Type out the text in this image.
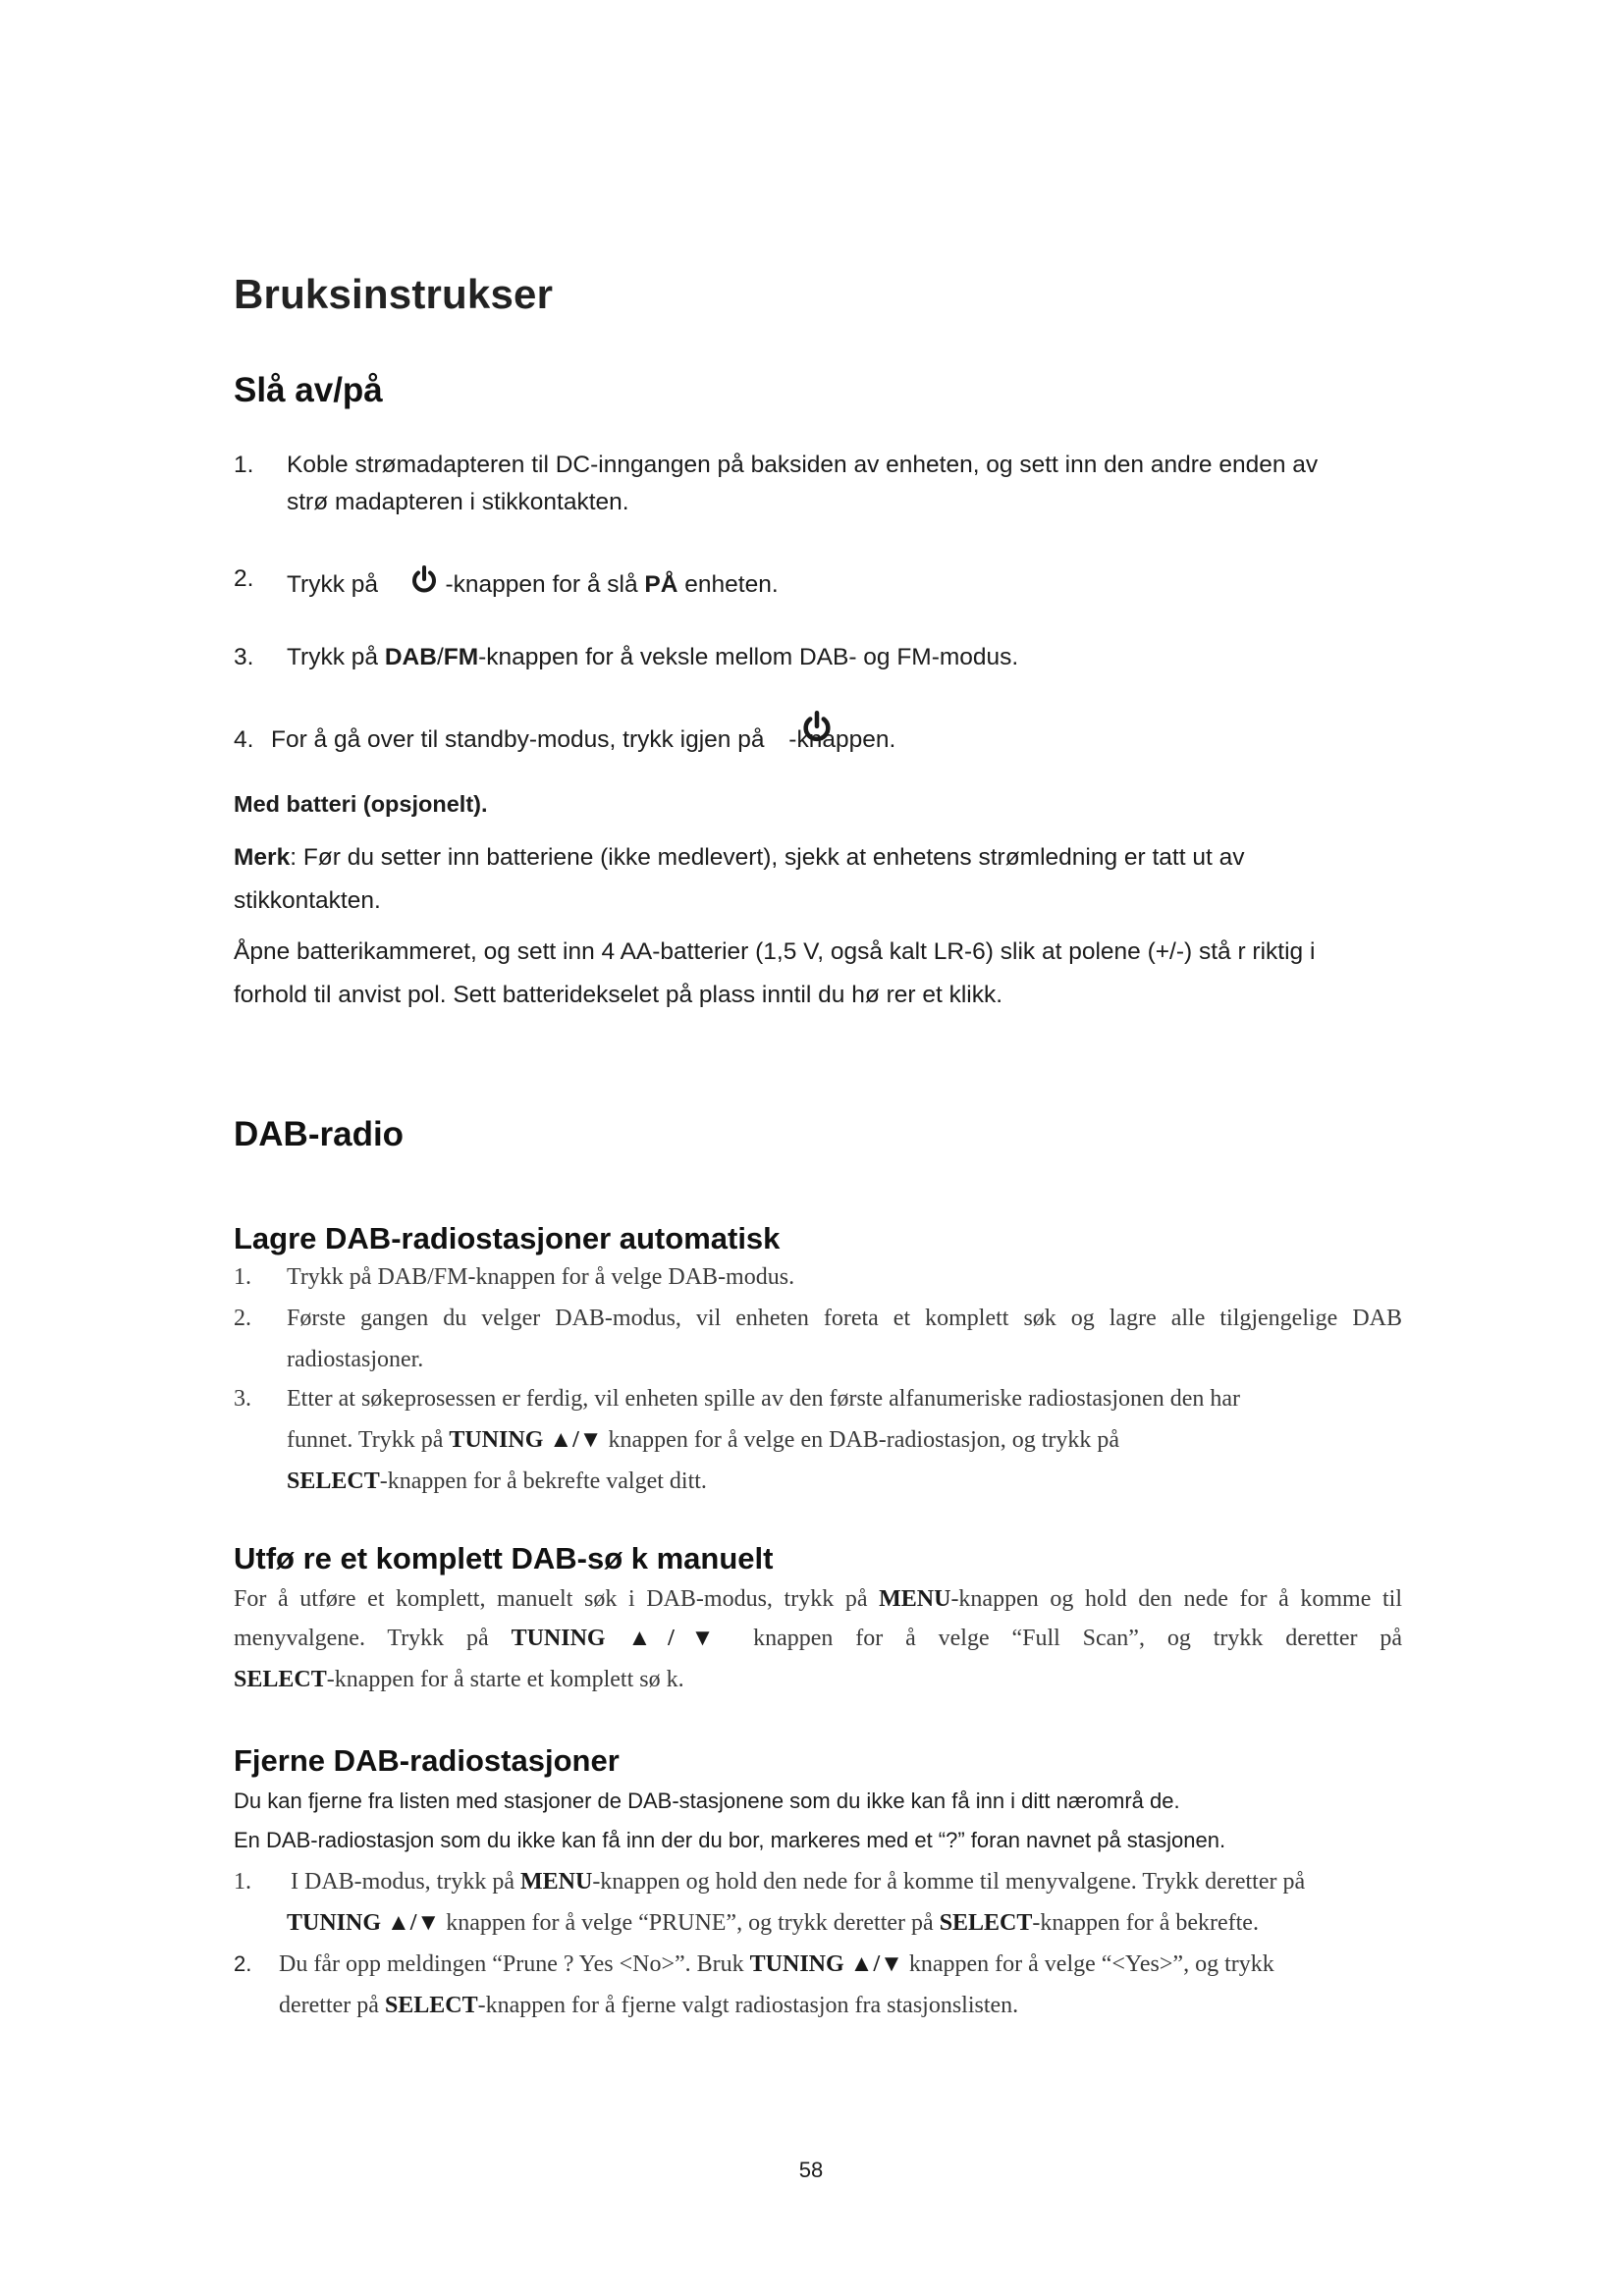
Bruksinstrukser
Slå av/på
1. Koble strømadapteren til DC-inngangen på baksiden av enheten, og sett inn den andre enden av
strø madapteren i stikkontakten.
2. Trykk på	-knappen for å slå PÅ enheten.
3. Trykk på DAB/FM-knappen for å veksle mellom DAB- og FM-modus.
4. For å gå over til standby-modus, trykk igjen på -knappen.
Med batteri (opsjonelt).
Merk: Før du setter inn batteriene (ikke medlevert), sjekk at enhetens strømledning er tatt ut av
stikkontakten.
Åpne batterikammeret, og sett inn 4 AA-batterier (1,5 V, også kalt LR-6) slik at polene (+/-) stå r riktig i
forhold til anvist pol. Sett batteridekselet på plass inntil du hø rer et klikk.
DAB-radio
Lagre DAB-radiostasjoner automatisk
1. Trykk på DAB/FM-knappen for å velge DAB-modus.
2. Første gangen du velger DAB-modus, vil enheten foreta et komplett søk og lagre alle tilgjengelige DAB
radiostasjoner.
3. Etter at søkeprosessen er ferdig, vil enheten spille av den første alfanumeriske radiostasjonen den har
funnet. Trykk på TUNING ▲/▼ knappen for å velge en DAB-radiostasjon, og trykk på
SELECT-knappen for å bekrefte valget ditt.
Utfø re et komplett DAB-sø k manuelt
For å utføre et komplett, manuelt søk i DAB-modus, trykk på MENU-knappen og hold den nede for å komme til
menyvalgene. Trykk på TUNING ▲/▼ knappen for å velge “Full Scan”, og trykk deretter på
SELECT-knappen for å starte et komplett sø k.
Fjerne DAB-radiostasjoner
Du kan fjerne fra listen med stasjoner de DAB-stasjonene som du ikke kan få inn i ditt nærområ de.
En DAB-radiostasjon som du ikke kan få inn der du bor, markeres med et “?” foran navnet på stasjonen.
1. I DAB-modus, trykk på MENU-knappen og hold den nede for å komme til menyvalgene. Trykk deretter på
TUNING ▲/▼ knappen for å velge “PRUNE”, og trykk deretter på SELECT-knappen for å bekrefte.
2. Du får opp meldingen “Prune ? Yes <No>”. Bruk TUNING ▲/▼ knappen for å velge “<Yes>”, og trykk
deretter på SELECT-knappen for å fjerne valgt radiostasjon fra stasjonslisten.
58
